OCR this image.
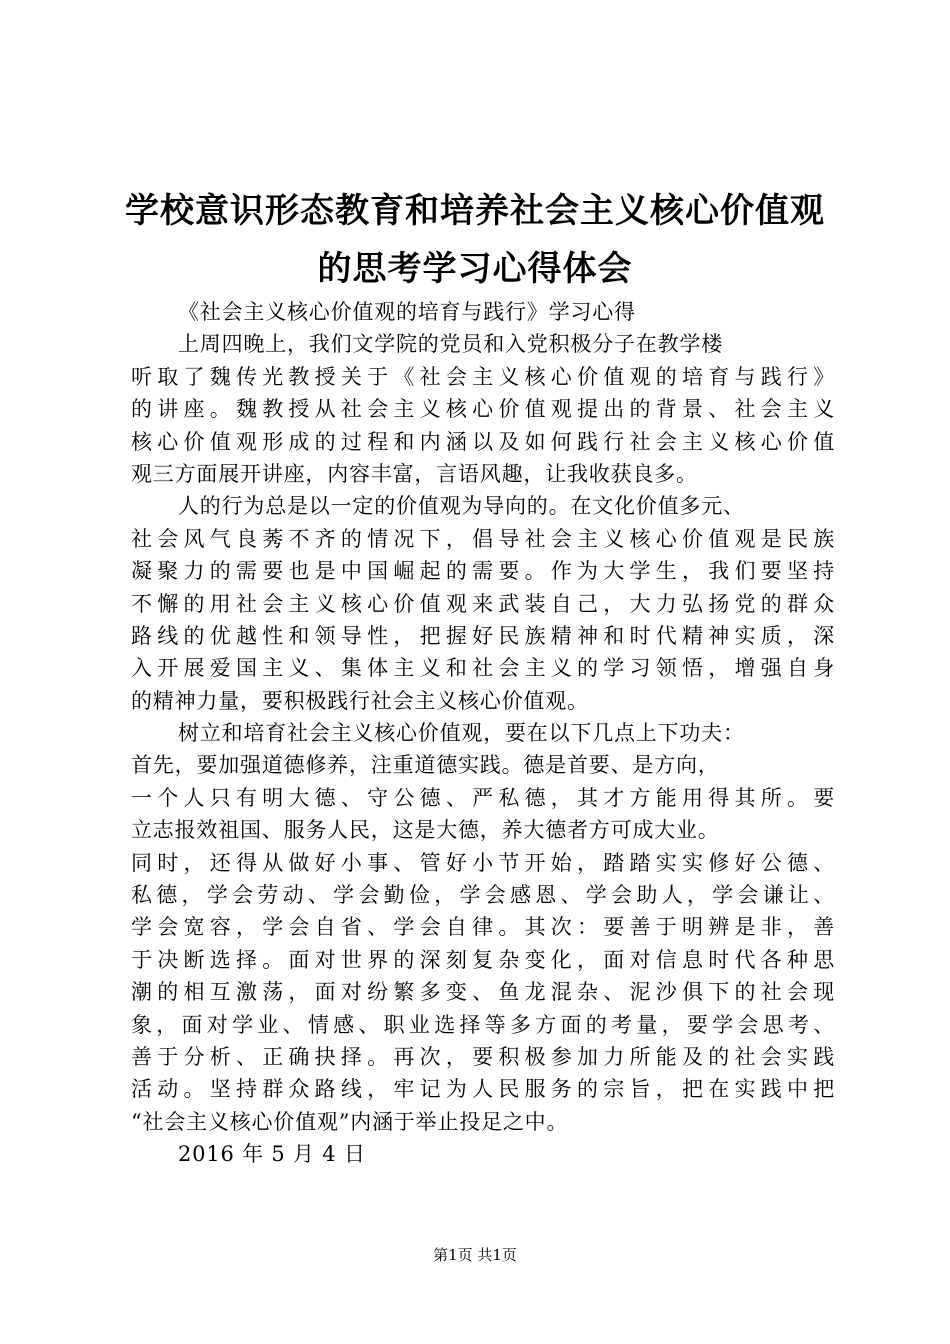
学校意识形态教育和培养社会主义核心价值观
的思考学习心得体会
《社会主义核心价值观的培育与践行》学习心得
上周四晚上，我们文学院的党员和入党积极分子在教学楼
听取了魏传光教授关于《社会主义核心价值观的培育与践行》
的讲座。魏教授从社会主义核心价值观提出的背景、社会主义
核心价值观形成的过程和内涵以及如何践行社会主义核心价值
观三方面展开讲座，内容丰富，言语风趣，让我收获良多。
人的行为总是以一定的价值观为导向的。在文化价值多元、
社会风气良莠不齐的情况下，倡导社会主义核心价值观是民族
凝聚力的需要也是中国崛起的需要。作为大学生，我们要坚持
不懈的用社会主义核心价值观来武装自己，大力弘扬党的群众
路线的优越性和领导性，把握好民族精神和时代精神实质，深
入开展爱国主义、集体主义和社会主义的学习领悟，增强自身
的精神力量，要积极践行社会主义核心价值观。
树立和培育社会主义核心价值观，要在以下几点上下功夫：
首先，要加强道德修养，注重道德实践。德是首要、是方向，
一个人只有明大德、守公德、严私德，其才方能用得其所。要
立志报效祖国、服务人民，这是大德，养大德者方可成大业。
同时，还得从做好小事、管好小节开始，踏踏实实修好公德、
私德，学会劳动、学会勤俭，学会感恩、学会助人，学会谦让、
学会宽容，学会自省、学会自律。其次：要善于明辨是非，善
于决断选择。面对世界的深刻复杂变化，面对信息时代各种思
潮的相互激荡，面对纷繁多变、鱼龙混杂、泥沙俱下的社会现
象，面对学业、情感、职业选择等多方面的考量，要学会思考、
善于分析、正确抉择。再次，要积极参加力所能及的社会实践
活动。坚持群众路线，牢记为人民服务的宗旨，把在实践中把
“社会主义核心价值观”内涵于举止投足之中。
2016 年 5 月 4 日
第1页 共1页
